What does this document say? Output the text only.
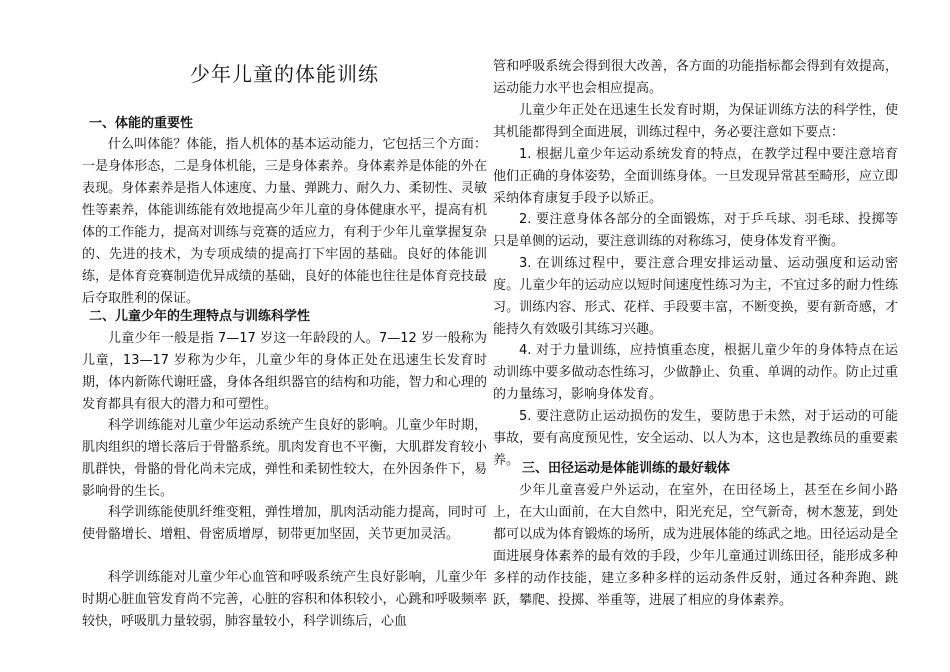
少年儿童的体能训练
一、体能的重要性
什么叫体能？体能，指人机体的基本运动能力，它包括三个方面：一是身体形态，二是身体机能，三是身体素养。身体素养是体能的外在表现。身体素养是指人体速度、力量、弹跳力、耐久力、柔韧性、灵敏性等素养，体能训练能有效地提高少年儿童的身体健康水平，提高有机体的工作能力，提高对训练与竞赛的适应力，有利于少年儿童掌握复杂的、先进的技术，为专项成绩的提高打下牢固的基础。良好的体能训练，是体育竞赛制造优异成绩的基础，良好的体能也往往是体育竞技最后夺取胜利的保证。
二、儿童少年的生理特点与训练科学性
儿童少年一般是指 7—17 岁这一年龄段的人。7—12 岁一般称为儿童，13—17 岁称为少年，儿童少年的身体正处在迅速生长发育时期，体内新陈代谢旺盛，身体各组织器官的结构和功能，智力和心理的发育都具有很大的潜力和可塑性。
科学训练能对儿童少年运动系统产生良好的影响。儿童少年时期，肌肉组织的增长落后于骨骼系统。肌肉发育也不平衡，大肌群发育较小肌群快，骨骼的骨化尚未完成，弹性和柔韧性较大，在外因条件下，易影响骨的生长。
科学训练能使肌纤维变粗，弹性增加，肌肉活动能力提高，同时可使骨骼增长、增粗、骨密质增厚，韧带更加坚固，关节更加灵活。
科学训练能对儿童少年心血管和呼吸系统产生良好影响，儿童少年时期心脏血管发育尚不完善，心脏的容积和体积较小，心跳和呼吸频率较快，呼吸肌力量较弱，肺容量较小，科学训练后，心血
管和呼吸系统会得到很大改善，各方面的功能指标都会得到有效提高，运动能力水平也会相应提高。
儿童少年正处在迅速生长发育时期，为保证训练方法的科学性，使其机能都得到全面进展，训练过程中，务必要注意如下要点：
1. 根据儿童少年运动系统发育的特点，在教学过程中要注意培育他们正确的身体姿势，全面训练身体。一旦发现异常甚至畸形，应立即采纳体育康复手段予以矫正。
2. 要注意身体各部分的全面锻炼，对于乒乓球、羽毛球、投掷等只是单侧的运动，要注意训练的对称练习，使身体发育平衡。
3. 在训练过程中，要注意合理安排运动量、运动强度和运动密度。儿童少年的运动应以短时间速度性练习为主，不宜过多的耐力性练习。训练内容、形式、花样、手段要丰富，不断变换，要有新奇感，才能持久有效吸引其练习兴趣。
4. 对于力量训练，应持慎重态度，根据儿童少年的身体特点在运动训练中要多做动态性练习，少做静止、负重、单调的动作。防止过重的力量练习，影响身体发育。
5. 要注意防止运动损伤的发生，要防患于未然，对于运动的可能事故，要有高度预见性，安全运动、以人为本，这也是教练员的重要素养。
三、田径运动是体能训练的最好载体
少年儿童喜爱户外运动，在室外，在田径场上，甚至在乡间小路上，在大山面前，在大自然中，阳光充足，空气新奇，树木葱茏，到处都可以成为体育锻炼的场所，成为进展体能的练武之地。田径运动是全面进展身体素养的最有效的手段，少年儿童通过训练田径，能形成多种多样的动作技能，建立多种多样的运动条件反射，通过各种奔跑、跳跃，攀爬、投掷、举重等，进展了相应的身体素养。
